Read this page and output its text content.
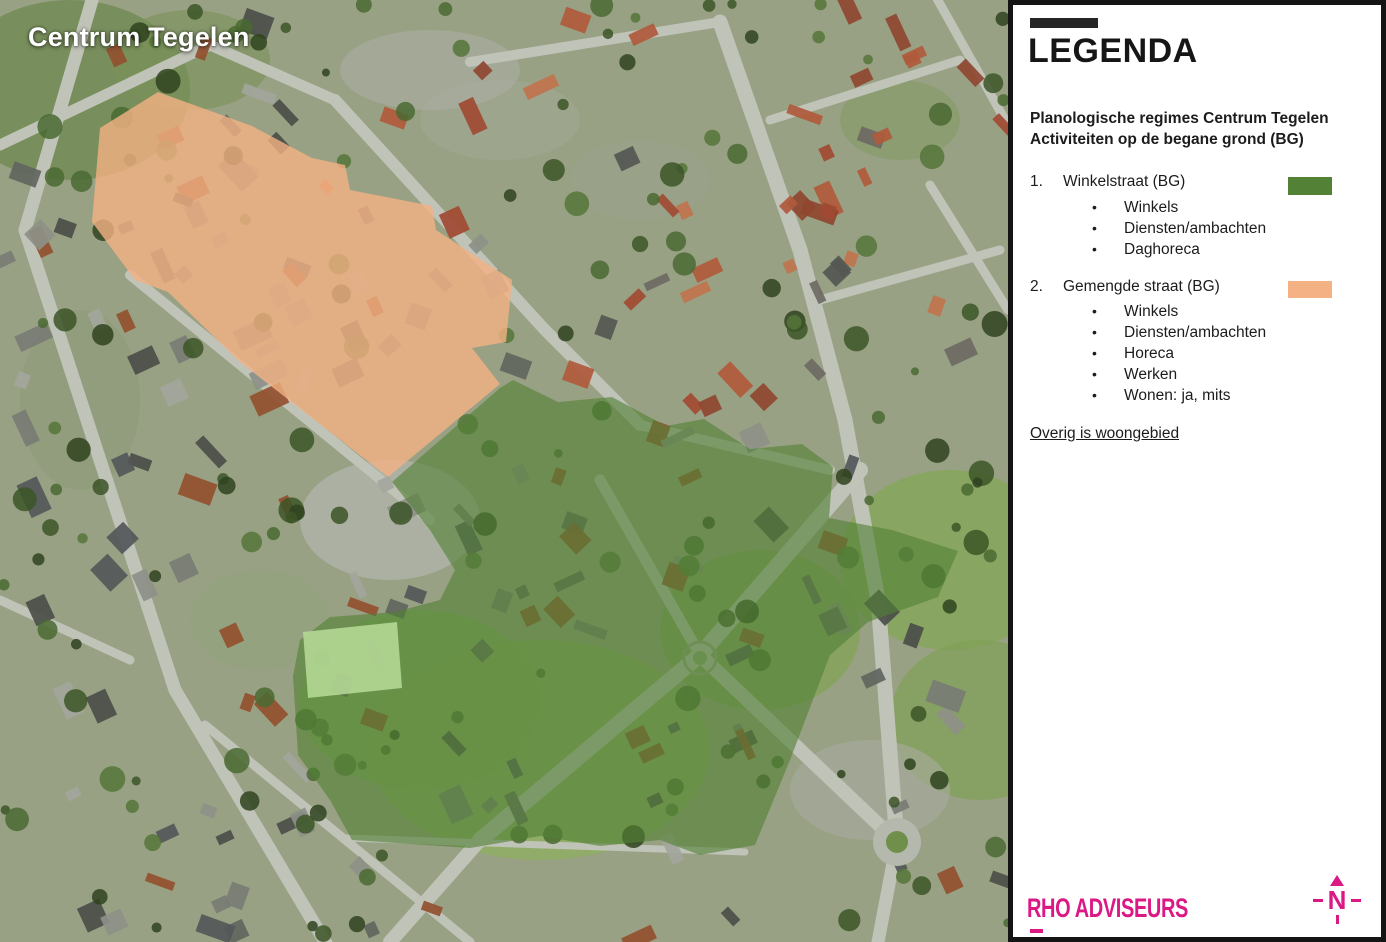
Centrum Tegelen	LEGENDA
Planologische regimes Centrum Tegelen
Activiteiten op de begane grond (BG)
1.	Winkelstraat (BG)
• Winkels
• Diensten/ambachten
• Daghoreca
2.	Gemengde straat (BG)
• Winkels
• Diensten/ambachten
• Horeca
• Werken
• Wonen: ja, mits
Overig is woongebied
RHO ADVISEURS	N
